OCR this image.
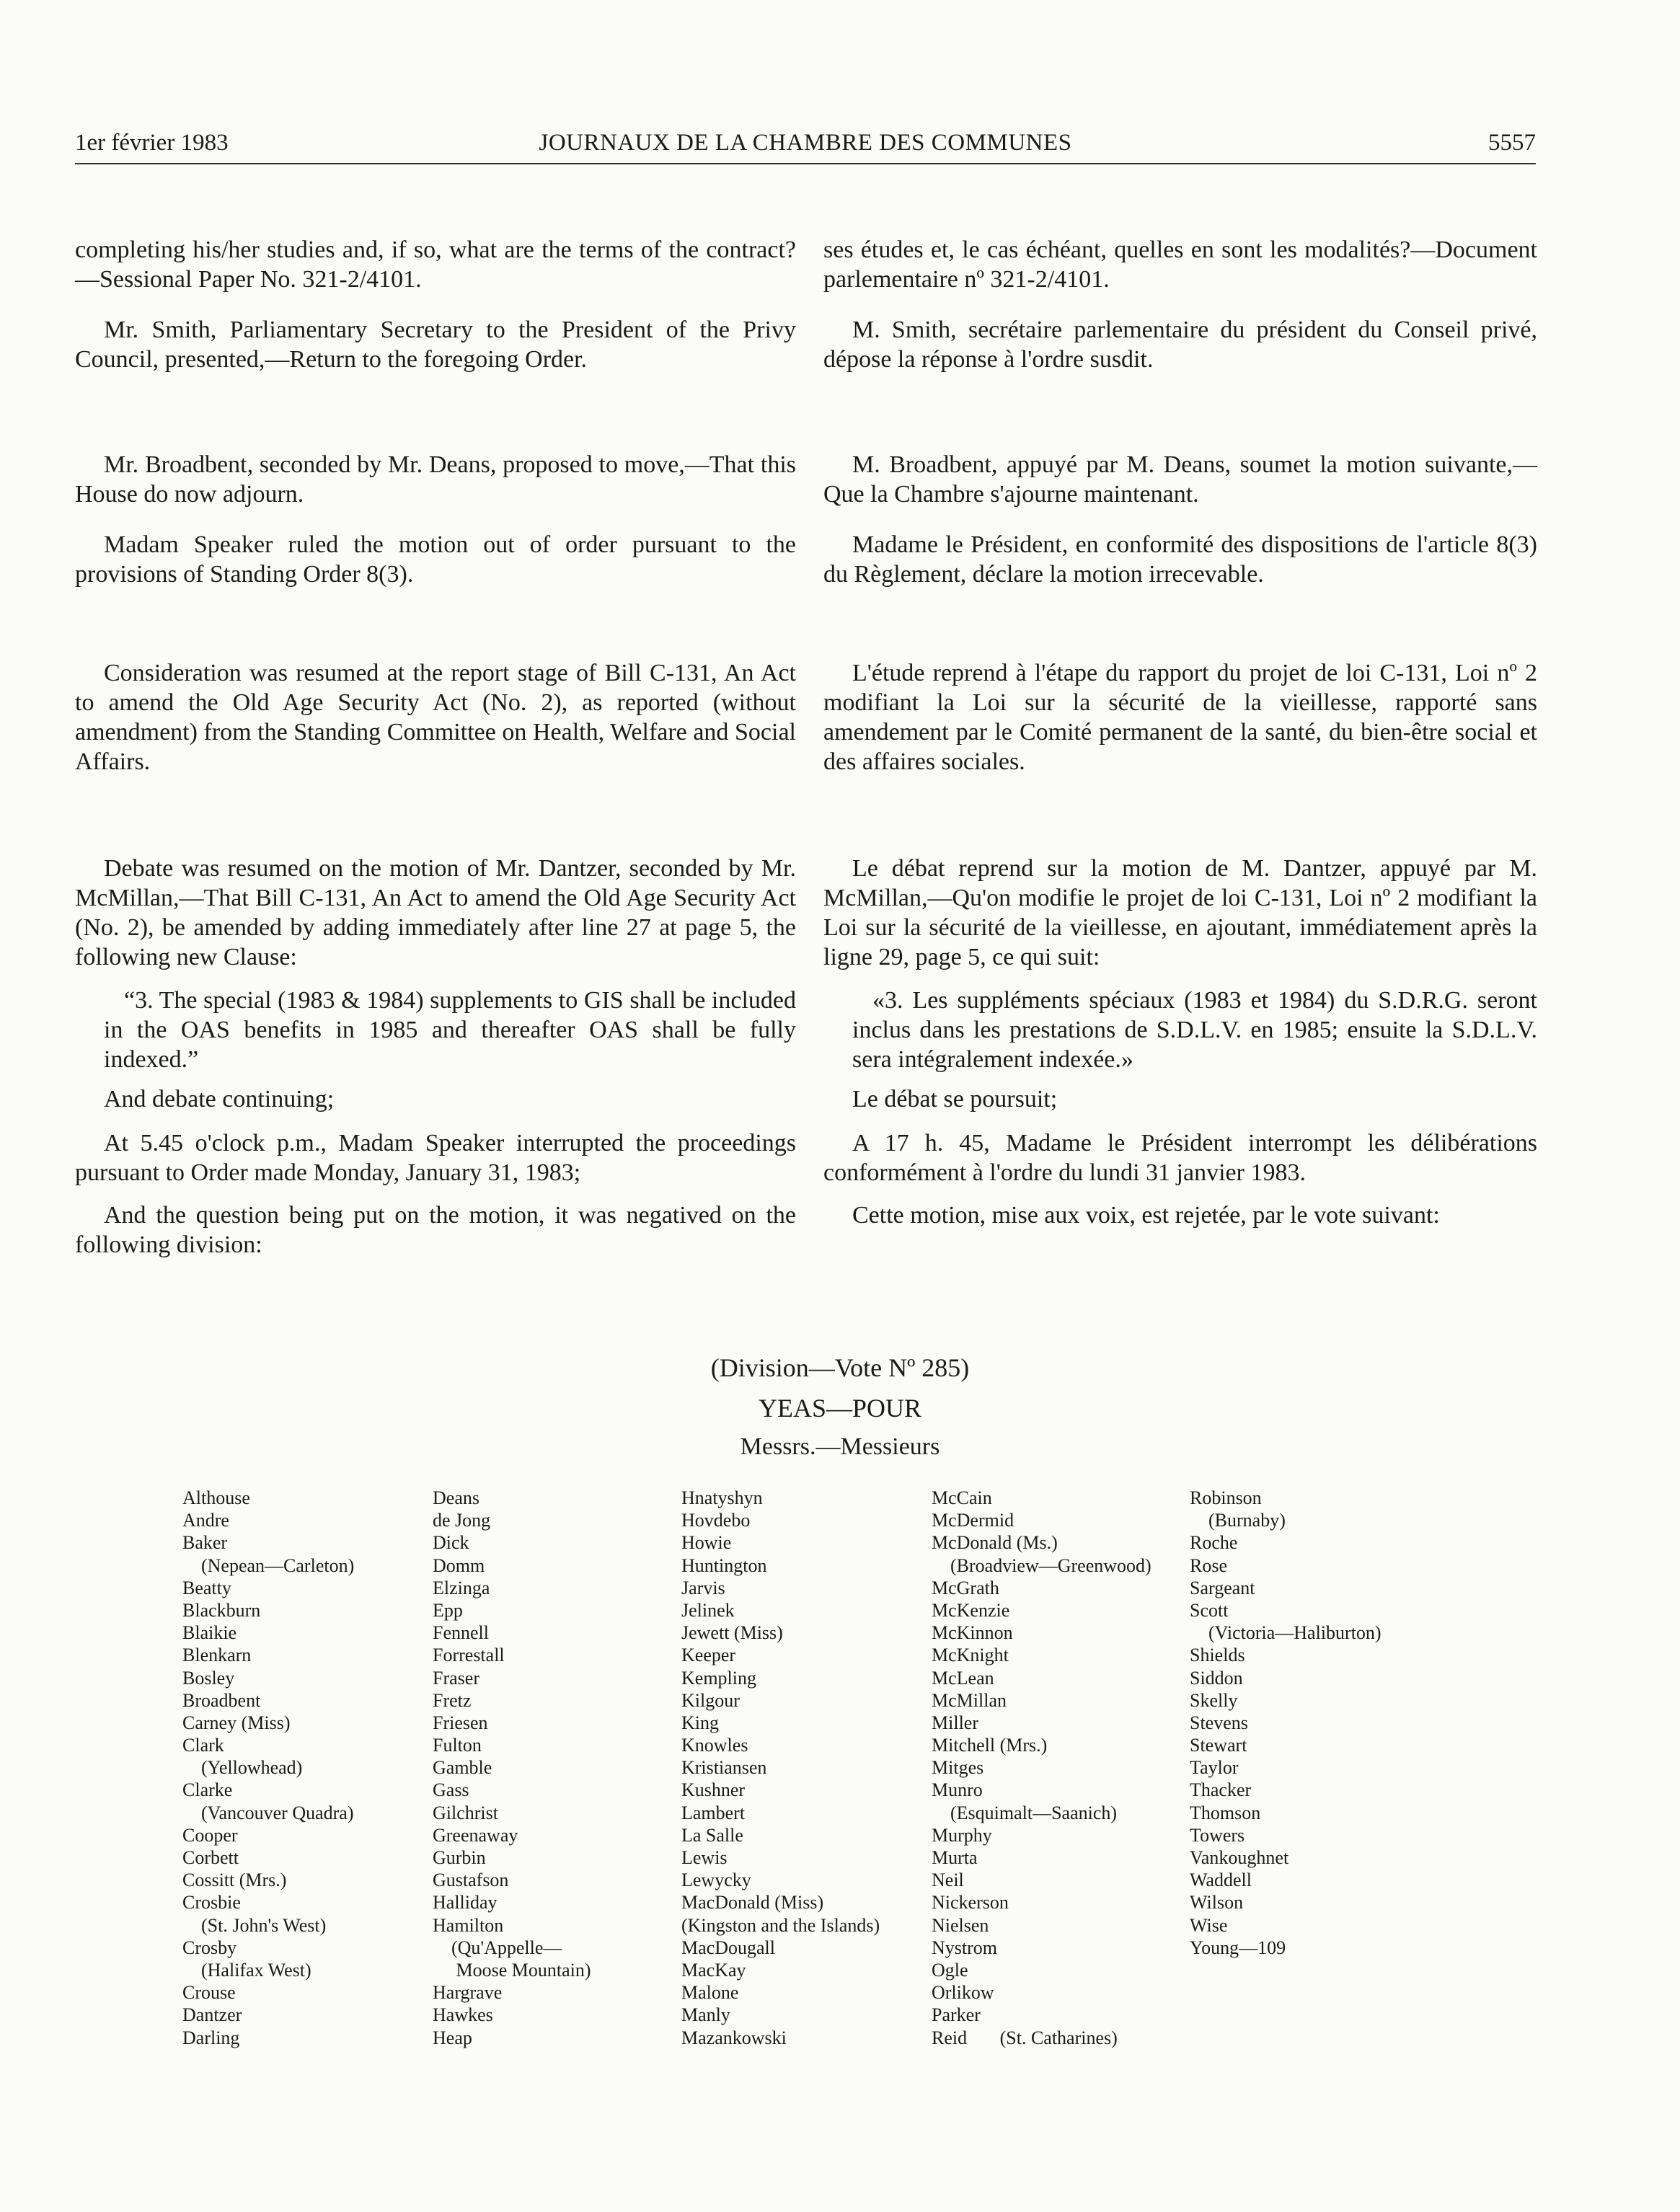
1er février 1983	JOURNAUX DE LA CHAMBRE DES COMMUNES	5557

completing his/her studies and, if so, what are the terms of the contract?—Sessional Paper No. 321-2/4101.

Mr. Smith, Parliamentary Secretary to the President of the Privy Council, presented,—Return to the foregoing Order.

Mr. Broadbent, seconded by Mr. Deans, proposed to move,—That this House do now adjourn.

Madam Speaker ruled the motion out of order pursuant to the provisions of Standing Order 8(3).

Consideration was resumed at the report stage of Bill C-131, An Act to amend the Old Age Security Act (No. 2), as reported (without amendment) from the Standing Committee on Health, Welfare and Social Affairs.

Debate was resumed on the motion of Mr. Dantzer, seconded by Mr. McMillan,—That Bill C-131, An Act to amend the Old Age Security Act (No. 2), be amended by adding immediately after line 27 at page 5, the following new Clause:

“3. The special (1983 & 1984) supplements to GIS shall be included in the OAS benefits in 1985 and thereafter OAS shall be fully indexed.”

And debate continuing;

At 5.45 o'clock p.m., Madam Speaker interrupted the proceedings pursuant to Order made Monday, January 31, 1983;

And the question being put on the motion, it was negatived on the following division:

ses études et, le cas échéant, quelles en sont les modalités?—Document parlementaire nº 321-2/4101.

M. Smith, secrétaire parlementaire du président du Conseil privé, dépose la réponse à l'ordre susdit.

M. Broadbent, appuyé par M. Deans, soumet la motion suivante,—Que la Chambre s'ajourne maintenant.

Madame le Président, en conformité des dispositions de l'article 8(3) du Règlement, déclare la motion irrecevable.

L'étude reprend à l'étape du rapport du projet de loi C-131, Loi nº 2 modifiant la Loi sur la sécurité de la vieillesse, rapporté sans amendement par le Comité permanent de la santé, du bien-être social et des affaires sociales.

Le débat reprend sur la motion de M. Dantzer, appuyé par M. McMillan,—Qu'on modifie le projet de loi C-131, Loi nº 2 modifiant la Loi sur la sécurité de la vieillesse, en ajoutant, immédiatement après la ligne 29, page 5, ce qui suit:

«3. Les suppléments spéciaux (1983 et 1984) du S.D.R.G. seront inclus dans les prestations de S.D.L.V. en 1985; ensuite la S.D.L.V. sera intégralement indexée.»

Le débat se poursuit;

A 17 h. 45, Madame le Président interrompt les délibérations conformément à l'ordre du lundi 31 janvier 1983.

Cette motion, mise aux voix, est rejetée, par le vote suivant:

(Division—Vote Nº 285)
YEAS—POUR
Messrs.—Messieurs
Althouse
Andre
Baker
(Nepean—Carleton)
Beatty
Blackburn
Blaikie
Blenkarn
Bosley
Broadbent
Carney (Miss)
Clark
(Yellowhead)
Clarke
(Vancouver Quadra)
Cooper
Corbett
Cossitt (Mrs.)
Crosbie
(St. John's West)
Crosby
(Halifax West)
Crouse
Dantzer
Darling
Deans
de Jong
Dick
Domm
Elzinga
Epp
Fennell
Forrestall
Fraser
Fretz
Friesen
Fulton
Gamble
Gass
Gilchrist
Greenaway
Gurbin
Gustafson
Halliday
Hamilton
(Qu'Appelle—
Moose Mountain)
Hargrave
Hawkes
Heap
Hnatyshyn
Hovdebo
Howie
Huntington
Jarvis
Jelinek
Jewett (Miss)
Keeper
Kempling
Kilgour
King
Knowles
Kristiansen
Kushner
Lambert
La Salle
Lewis
Lewycky
MacDonald (Miss)
(Kingston and the Islands)
MacDougall
MacKay
Malone
Manly
Mazankowski
McCain
McDermid
McDonald (Ms.)
(Broadview—Greenwood)
McGrath
McKenzie
McKinnon
McKnight
McLean
McMillan
Miller
Mitchell (Mrs.)
Mitges
Munro
(Esquimalt—Saanich)
Murphy
Murta
Neil
Nickerson
Nielsen
Nystrom
Ogle
Orlikow
Parker
Reid       (St. Catharines)
Robinson
(Burnaby)
Roche
Rose
Sargeant
Scott
(Victoria—Haliburton)
Shields
Siddon
Skelly
Stevens
Stewart
Taylor
Thacker
Thomson
Towers
Vankoughnet
Waddell
Wilson
Wise
Young—109
